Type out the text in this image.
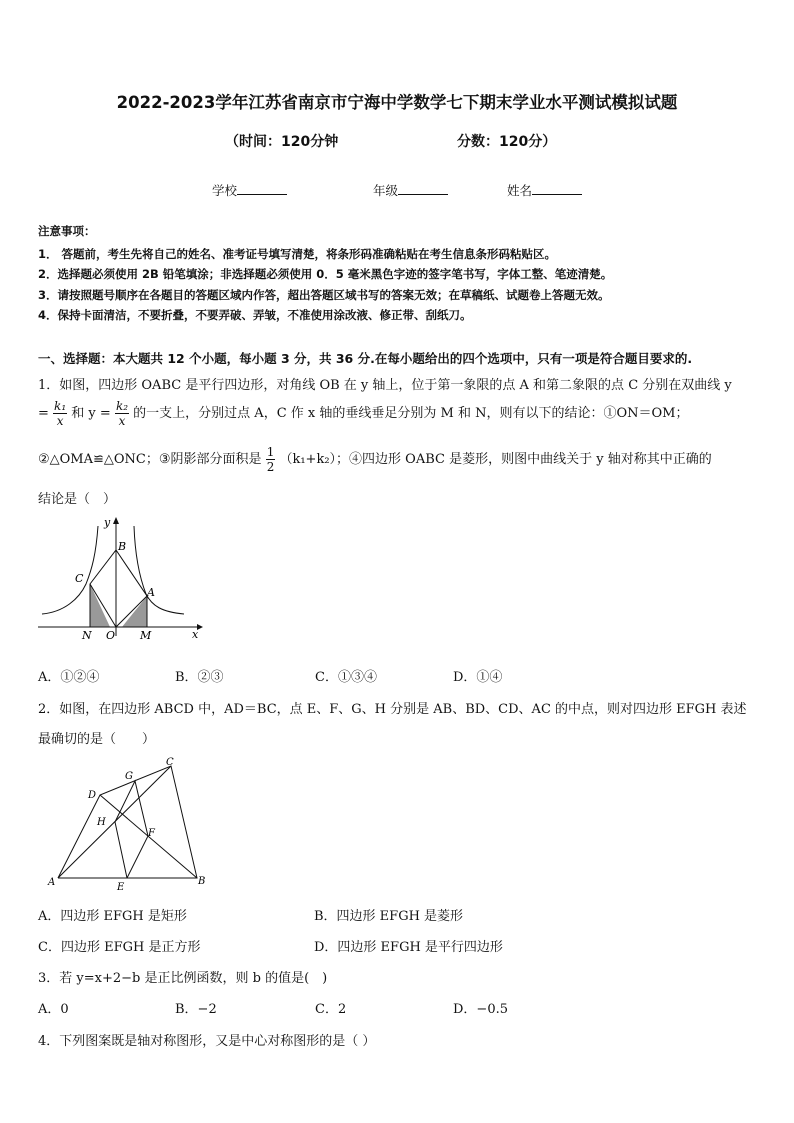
2022-2023学年江苏省南京市宁海中学数学七下期末学业水平测试模拟试题
（时间：120分钟	分数：120分）
学校	年级	姓名
注意事项：
1． 答题前，考生先将自己的姓名、准考证号填写清楚，将条形码准确粘贴在考生信息条形码粘贴区。
2．选择题必须使用 2B 铅笔填涂；非选择题必须使用 0．5 毫米黑色字迹的签字笔书写，字体工整、笔迹清楚。
3．请按照题号顺序在各题目的答题区域内作答，超出答题区域书写的答案无效；在草稿纸、试题卷上答题无效。
4．保持卡面清洁，不要折叠，不要弄破、弄皱，不准使用涂改液、修正带、刮纸刀。
一、选择题：本大题共 12 个小题，每小题 3 分，共 36 分.在每小题给出的四个选项中，只有一项是符合题目要求的.
1．如图，四边形 OABC 是平行四边形，对角线 OB 在 y 轴上，位于第一象限的点 A 和第二象限的点 C 分别在双曲线 y
= $\frac{\text{k₁}}{x}$ 和 $y = \frac{\text{k₂}}{x}$ 的一支上，分别过点 A，C 作 x 轴的垂线垂足分别为 M 和 N，则有以下的结论：①ON＝OM；
②△OMA≌△ONC；③阴影部分面积是 $\frac{1}{2} (k_1+k_2)$；④四边形 OABC 是菱形，则图中曲线关于 y 轴对称其中正确的
结论是（　）
y
x
B
C
A
N O M
A．①②④	B．②③	C．①③④	D．①④
2．如图，在四边形 ABCD 中，AD＝BC，点 E、F、G、H 分别是 AB、BD、CD、AC 的中点，则对四边形 EFGH 表述
最确切的是（　　）
A	B
C
D
E
F
G
H
A．四边形 EFGH 是矩形	B．四边形 EFGH 是菱形
C．四边形 EFGH 是正方形	D．四边形 EFGH 是平行四边形
3．若 y=x+2−b 是正比例函数，则 b 的值是(　)
A．0	B．−2	C．2	D．−0.5
4．下列图案既是轴对称图形，又是中心对称图形的是（ ）
